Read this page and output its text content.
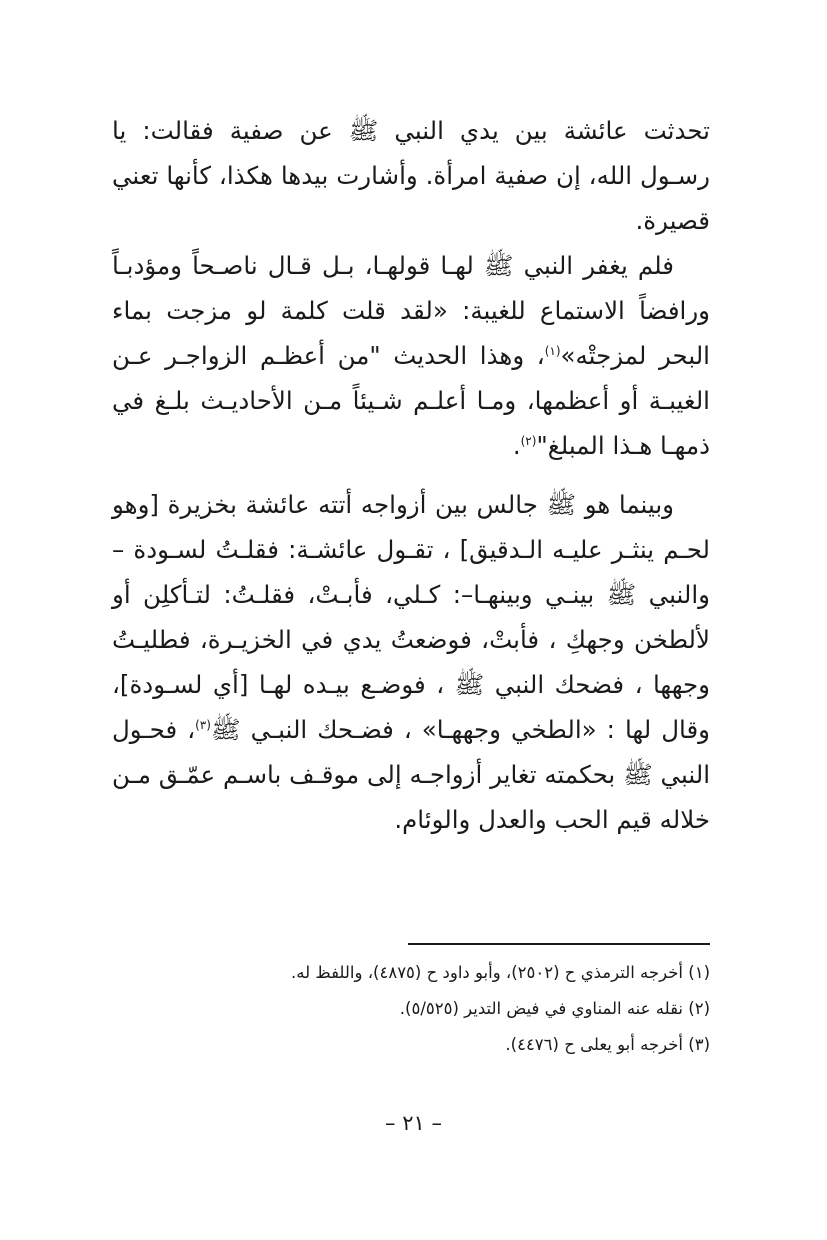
تحدثت عائشة بين يدي النبي ﷺ عن صفية فقالت: يا رسـول الله، إن صفية امرأة. وأشارت بيدها هكذا، كأنها تعني قصيرة.

فلم يغفر النبي ﷺ لهـا قولهـا، بـل قـال ناصـحاً ومؤدبـاً ورافضاً الاستماع للغيبة: «لقد قلت كلمة لو مزجت بماء البحر لمزجتْه»$^{(١)}$، وهذا الحديث "من أعظـم الزواجـر عـن الغيبـة أو أعظمها، ومـا أعلـم شـيئاً مـن الأحاديـث بلـغ في ذمهـا هـذا المبلغ"$^{(٢)}$.

وبينما هو ﷺ جالس بين أزواجه أتته عائشة بخزيرة [وهو لحـم ينثـر عليـه الـدقيق] ، تقـول عائشـة: فقلـتُ لسـودة – والنبي ﷺ بينـي وبينهـا–: كـلي، فأبـتْ، فقلـتُ: لتـأكلِن أو لألطخن وجهكِ ، فأبتْ، فوضعتُ يدي في الخزيـرة، فطليـتُ وجهها ، فضحك النبي ﷺ ، فوضـع بيـده لهـا [أي لسـودة]، وقال لها : «الطخي وجههـا» ، فضـحك النبـي ﷺ$^{(٣)}$، فحـول النبي ﷺ بحكمته تغاير أزواجـه إلى موقـف باسـم عمّـق مـن خلاله قيم الحب والعدل والوئام.

(١) أخرجه الترمذي ح (٢٥٠٢)، وأبو داود ح (٤٨٧٥)، واللفظ له.

(٢) نقله عنه المناوي في فيض التدير (٥/٥٢٥).

(٣) أخرجه أبو يعلى ح (٤٤٧٦).

– ٢١ –
